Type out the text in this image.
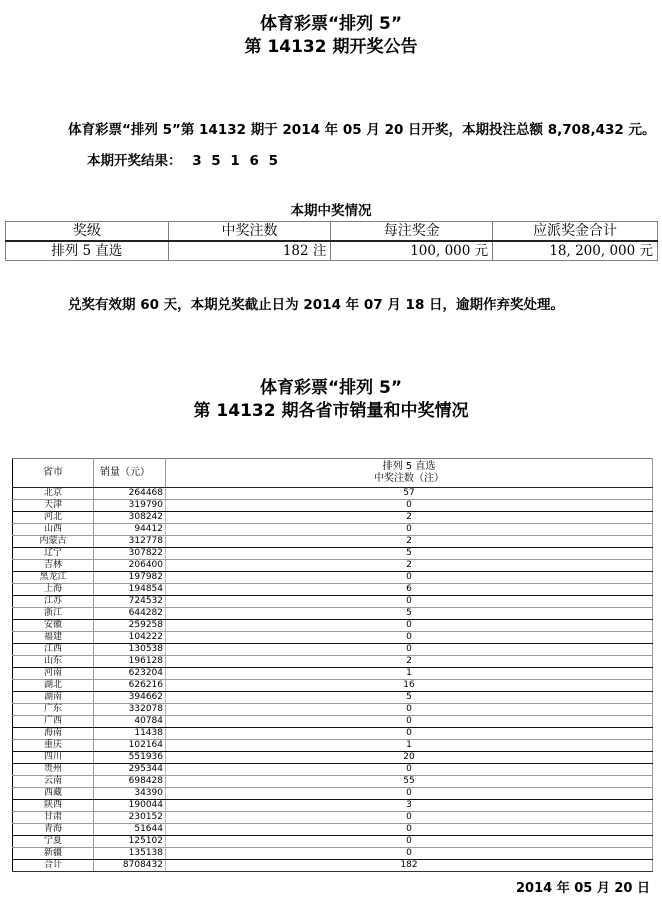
体育彩票“排列 5”
第 14132 期开奖公告
体育彩票“排列 5”第 14132 期于 2014 年 05 月 20 日开奖，本期投注总额 8,708,432 元。
本期开奖结果： 3 5 1 6 5
本期中奖情况
奖级	中奖注数	每注奖金	应派奖金合计
排列 5 直选	182 注	100, 000 元	18, 200, 000 元
兑奖有效期 60 天，本期兑奖截止日为 2014 年 07 月 18 日，逾期作弃奖处理。
体育彩票“排列 5”
第 14132 期各省市销量和中奖情况
省市	销量（元）	排列 5 直选
中奖注数（注）

北京	264468	57
天津	319790	0
河北	308242	2
山西	94412	0
内蒙古	312778	2
辽宁	307822	5
吉林	206400	2
黑龙江	197982	0
上海	194854	6
江苏	724532	0
浙江	644282	5
安徽	259258	0
福建	104222	0
江西	130538	0
山东	196128	2
河南	623204	1
湖北	626216	16
湖南	394662	5
广东	332078	0
广西	40784	0
海南	11438	0
重庆	102164	1
四川	551936	20
贵州	295344	0
云南	698428	55
西藏	34390	0
陕西	190044	3
甘肃	230152	0
青海	51644	0
宁夏	125102	0
新疆	135138	0
合计	8708432	182
2014 年 05 月 20 日
